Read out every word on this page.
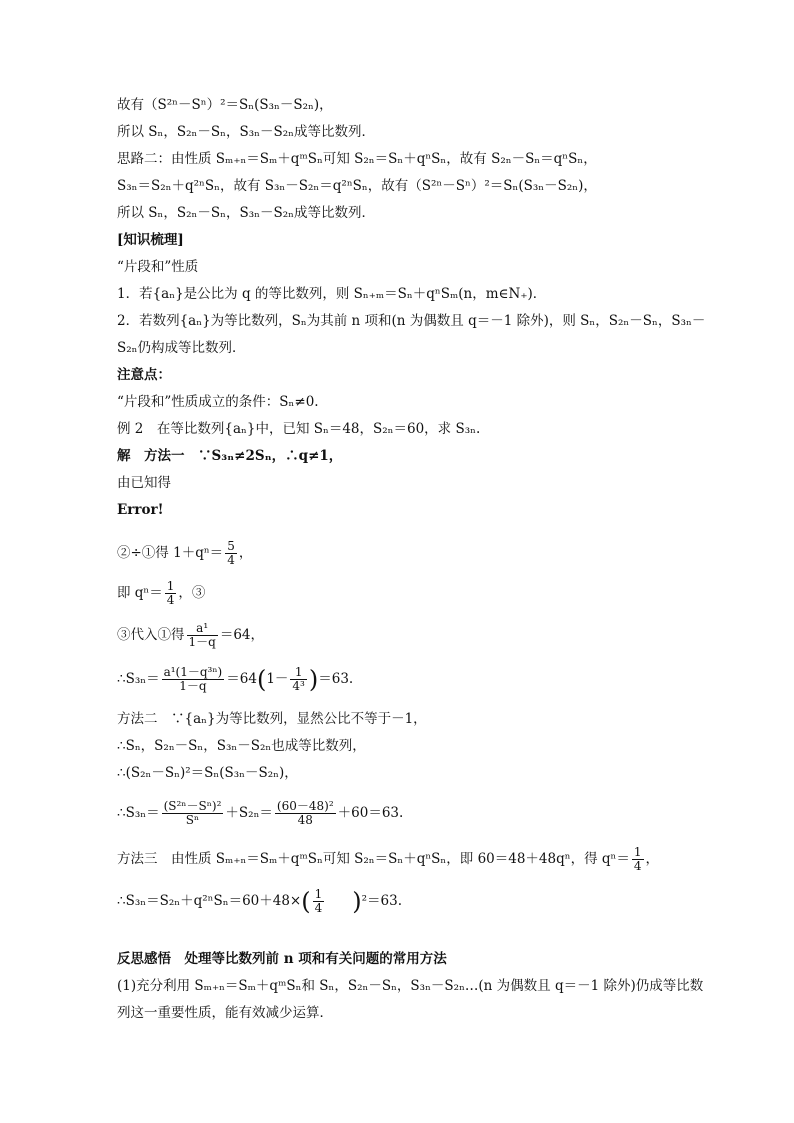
故有（S²ⁿ－Sⁿ）²＝Sₙ(S₃ₙ－S₂ₙ)，
所以 Sₙ，S₂ₙ－Sₙ，S₃ₙ－S₂ₙ成等比数列．
思路二：由性质 Sₘ₊ₙ＝Sₘ＋qᵐSₙ可知 S₂ₙ＝Sₙ＋qⁿSₙ，故有 S₂ₙ－Sₙ＝qⁿSₙ，
S₃ₙ＝S₂ₙ＋q²ⁿSₙ，故有 S₃ₙ－S₂ₙ＝q²ⁿSₙ，故有（S²ⁿ－Sⁿ）²＝Sₙ(S₃ₙ－S₂ₙ)，
所以 Sₙ，S₂ₙ－Sₙ，S₃ₙ－S₂ₙ成等比数列．
[知识梳理]
“片段和”性质
1．若{aₙ}是公比为 q 的等比数列，则 Sₙ₊ₘ＝Sₙ＋qⁿSₘ(n，m∈N₊)．
2．若数列{aₙ}为等比数列，Sₙ为其前 n 项和(n 为偶数且 q＝－1 除外)，则 Sₙ，S₂ₙ－Sₙ，S₃ₙ－
S₂ₙ仍构成等比数列．
注意点：
“片段和”性质成立的条件：Sₙ≠0.
例 2　在等比数列{aₙ}中，已知 Sₙ＝48，S₂ₙ＝60，求 S₃ₙ.
解　方法一　∵S₃ₙ≠2Sₙ，∴q≠1，
由已知得
Error!
②÷①得 $1+q^n= \frac{5}{4}$ ，
即 $q^n= \frac{1}{4}$ ，③
③代入①得 $\frac{\text{a¹}}{1-q} =64$，
∴S₃ₙ＝ $\frac{\text{a¹(1－q³ⁿ)}}{1-q} =64(1- \frac{1}{\text{4³}} )=63$.
方法二　∵{aₙ}为等比数列，显然公比不等于－1，
∴Sₙ，S₂ₙ－Sₙ，S₃ₙ－S₂ₙ也成等比数列，
∴(S₂ₙ－Sₙ)²＝Sₙ(S₃ₙ－S₂ₙ)，
∴S₃ₙ＝ $\frac{\text{(S²ⁿ－Sⁿ)²}}{\text{Sⁿ}} +S_{2n}= \frac{\text{(60－48)²}}{48} +60=63$.
方法三　由性质 Sₘ₊ₙ＝Sₘ＋qᵐSₙ可知 S₂ₙ＝Sₙ＋qⁿSₙ，即 60＝48＋48qⁿ，得 $q^n= \frac{1}{4}$ ，
∴S₃ₙ＝S₂ₙ＋q²ⁿSₙ＝60＋48×( $\frac{1}{4} )^2=63$.
反思感悟　处理等比数列前 n 项和有关问题的常用方法
(1)充分利用 Sₘ₊ₙ＝Sₘ＋qᵐSₙ和 Sₙ，S₂ₙ－Sₙ，S₃ₙ－S₂ₙ…(n 为偶数且 q＝－1 除外)仍成等比数
列这一重要性质，能有效减少运算．
